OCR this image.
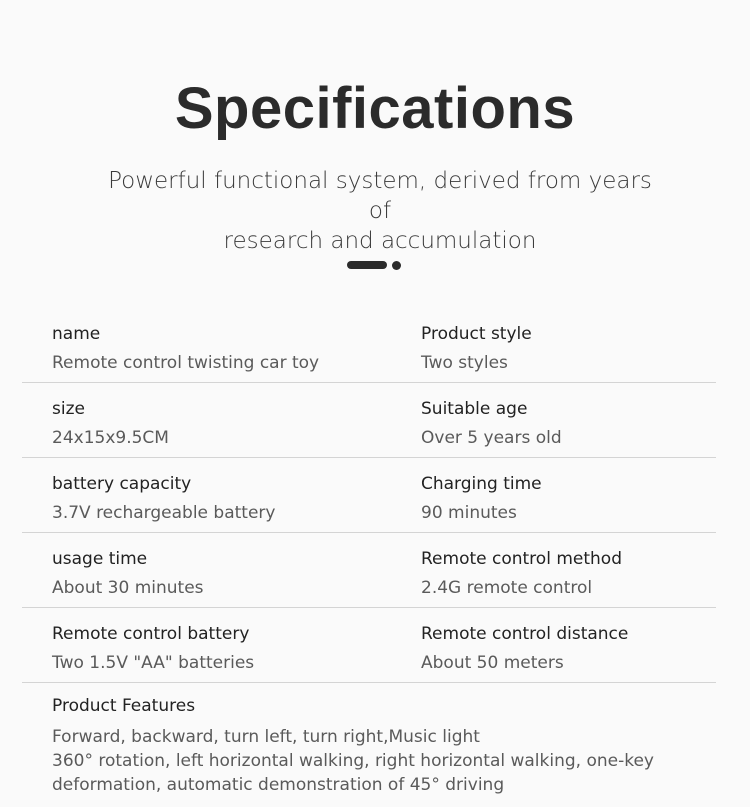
Specifications
Powerful functional system, derived from years of
research and accumulation
name
Remote control twisting car toy
Product style
Two styles
size
24x15x9.5CM
Suitable age
Over 5 years old
battery capacity
3.7V rechargeable battery
Charging time
90 minutes
usage time
About 30 minutes
Remote control method
2.4G remote control
Remote control battery
Two 1.5V "AA" batteries
Remote control distance
About 50 meters
Product Features
Forward, backward, turn left, turn right,Music light
360° rotation, left horizontal walking, right horizontal walking, one-key
deformation, automatic demonstration of 45° driving
